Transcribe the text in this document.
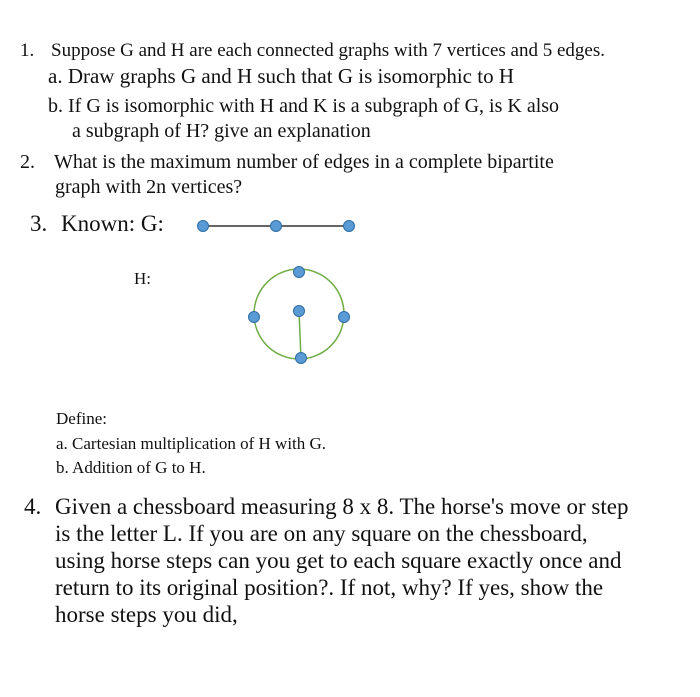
1. Suppose G and H are each connected graphs with 7 vertices and 5 edges.
a. Draw graphs G and H such that G is isomorphic to H
b. If G is isomorphic with H and K is a subgraph of G, is K also
a subgraph of H? give an explanation
2. What is the maximum number of edges in a complete bipartite
graph with 2n vertices?
3. Known: G:
H:
Define:
a. Cartesian multiplication of H with G.
b. Addition of G to H.
4. Given a chessboard measuring 8 x 8. The horse's move or step
is the letter L. If you are on any square on the chessboard,
using horse steps can you get to each square exactly once and
return to its original position?. If not, why? If yes, show the
horse steps you did,
